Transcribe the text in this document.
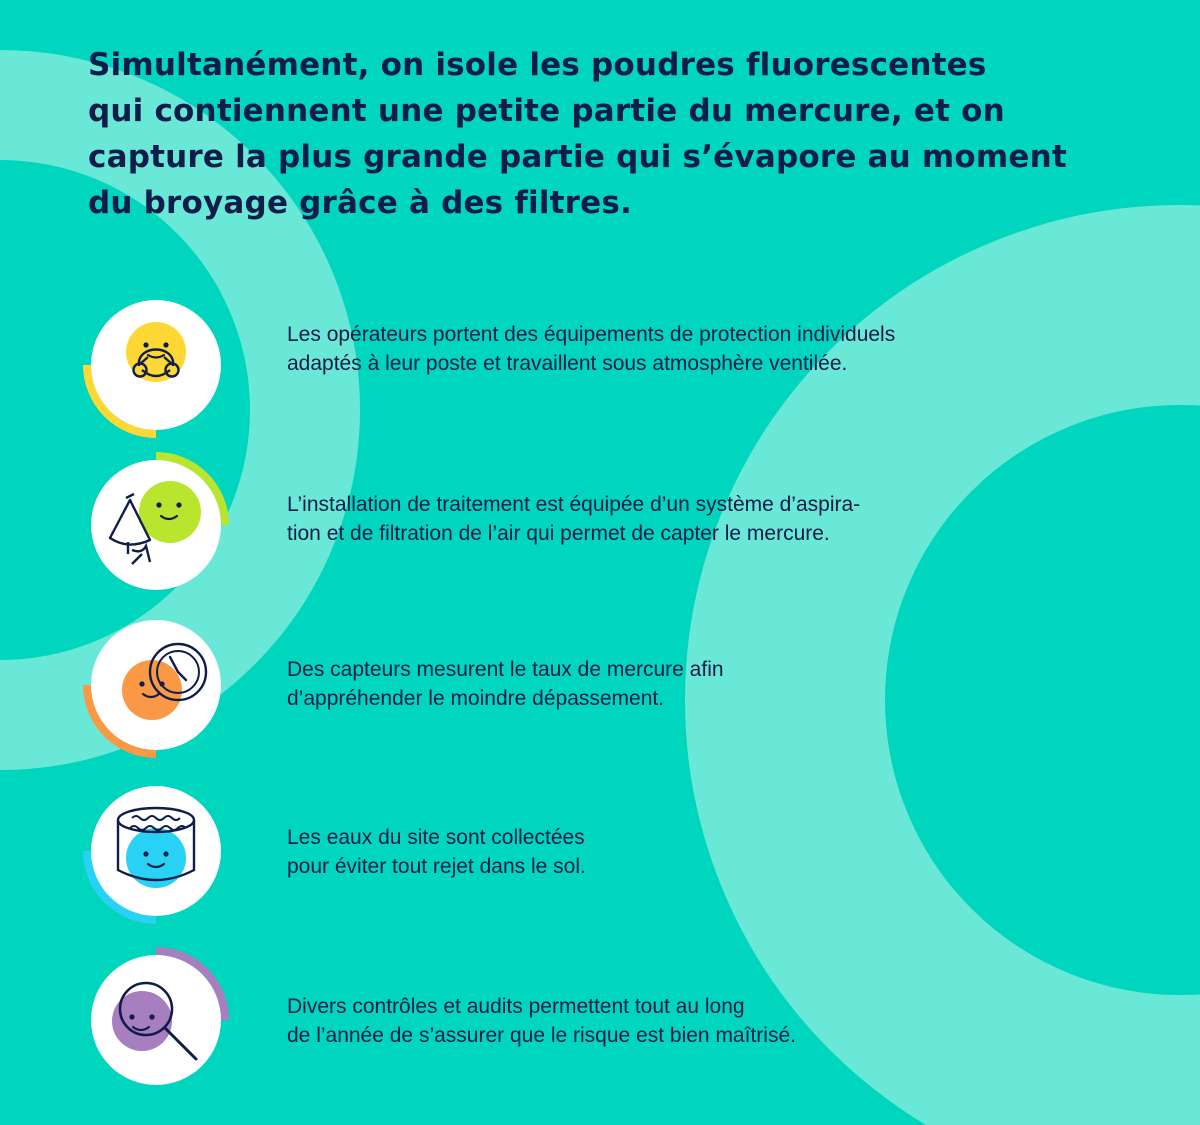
Simultanément, on isole les poudres fluorescentes
qui contiennent une petite partie du mercure, et on
capture la plus grande partie qui s’évapore au moment
du broyage grâce à des filtres.

Les opérateurs portent des équipements de protection individuels
adaptés à leur poste et travaillent sous atmosphère ventilée.

L’installation de traitement est équipée d’un système d’aspira-
tion et de filtration de l’air qui permet de capter le mercure.

Des capteurs mesurent le taux de mercure afin
d’appréhender le moindre dépassement.

Les eaux du site sont collectées
pour éviter tout rejet dans le sol.

Divers contrôles et audits permettent tout au long
de l’année de s’assurer que le risque est bien maîtrisé.
